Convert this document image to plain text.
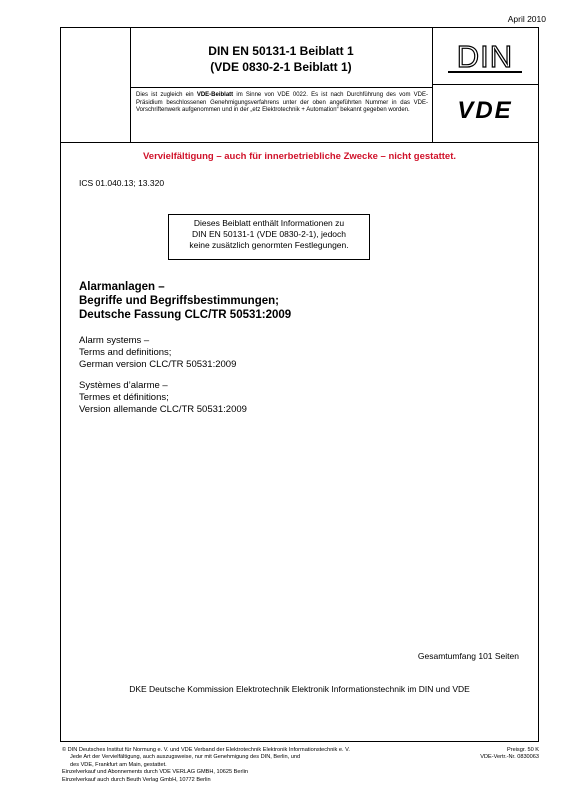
April 2010
DIN EN 50131-1 Beiblatt 1
(VDE 0830-2-1 Beiblatt 1)
Dies ist zugleich ein VDE-Beiblatt im Sinne von VDE 0022. Es ist nach Durchführung des vom VDE-Präsidium beschlossenen Genehmigungsverfahrens unter der oben angeführten Nummer in das VDE-Vorschriftenwerk aufgenommen und in der „etz Elektrotechnik + Automation“ bekannt gegeben worden.
DIN
VDE
Vervielfältigung – auch für innerbetriebliche Zwecke – nicht gestattet.
ICS 01.040.13; 13.320
Dieses Beiblatt enthält Informationen zu
DIN EN 50131-1 (VDE 0830-2-1), jedoch
keine zusätzlich genormten Festlegungen.
Alarmanlagen –
Begriffe und Begriffsbestimmungen;
Deutsche Fassung CLC/TR 50531:2009
Alarm systems –
Terms and definitions;
German version CLC/TR 50531:2009
Systèmes d’alarme –
Termes et définitions;
Version allemande CLC/TR 50531:2009
Gesamtumfang 101 Seiten
DKE Deutsche Kommission Elektrotechnik Elektronik Informationstechnik im DIN und VDE
© DIN Deutsches Institut für Normung e. V. und VDE Verband der Elektrotechnik Elektronik Informationstechnik e. V.
Jede Art der Vervielfältigung, auch auszugsweise, nur mit Genehmigung des DIN, Berlin, und
des VDE, Frankfurt am Main, gestattet.
Einzelverkauf und Abonnements durch VDE VERLAG GMBH, 10625 Berlin
Einzelverkauf auch durch Beuth Verlag GmbH, 10772 Berlin
Preisgr. 50 K
VDE-Vertr.-Nr. 0830063
